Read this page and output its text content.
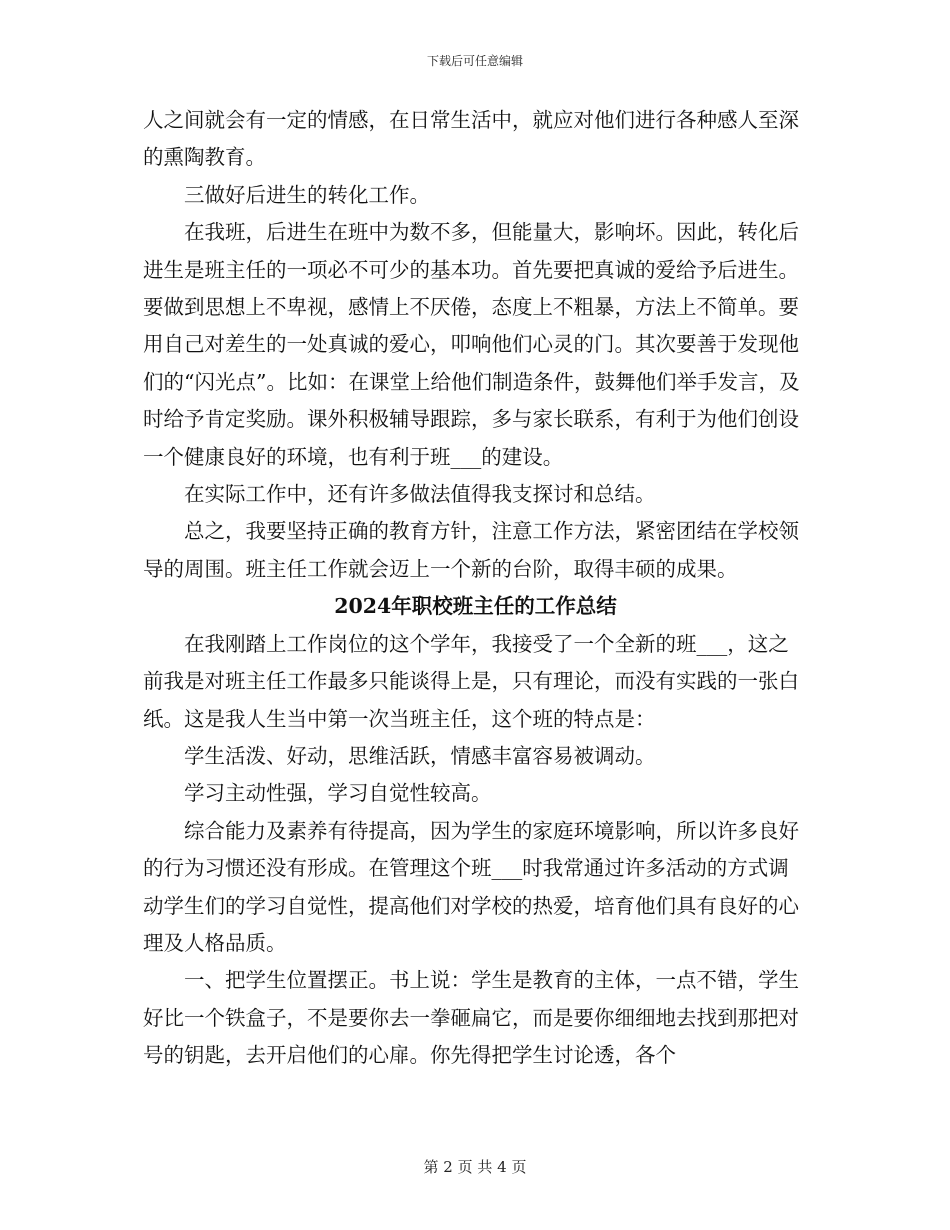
下载后可任意编辑

人之间就会有一定的情感，在日常生活中，就应对他们进行各种感人至深的熏陶教育。

三做好后进生的转化工作。

在我班，后进生在班中为数不多，但能量大，影响坏。因此，转化后进生是班主任的一项必不可少的基本功。首先要把真诚的爱给予后进生。要做到思想上不卑视，感情上不厌倦，态度上不粗暴，方法上不简单。要用自己对差生的一处真诚的爱心，叩响他们心灵的门。其次要善于发现他们的“闪光点”。比如：在课堂上给他们制造条件，鼓舞他们举手发言，及时给予肯定奖励。课外积极辅导跟踪，多与家长联系，有利于为他们创设一个健康良好的环境，也有利于班___的建设。

在实际工作中，还有许多做法值得我支探讨和总结。

总之，我要坚持正确的教育方针，注意工作方法，紧密团结在学校领导的周围。班主任工作就会迈上一个新的台阶，取得丰硕的成果。

2024年职校班主任的工作总结

在我刚踏上工作岗位的这个学年，我接受了一个全新的班___，这之前我是对班主任工作最多只能谈得上是，只有理论，而没有实践的一张白纸。这是我人生当中第一次当班主任，这个班的特点是：

学生活泼、好动，思维活跃，情感丰富容易被调动。

学习主动性强，学习自觉性较高。

综合能力及素养有待提高，因为学生的家庭环境影响，所以许多良好的行为习惯还没有形成。在管理这个班___时我常通过许多活动的方式调动学生们的学习自觉性，提高他们对学校的热爱，培育他们具有良好的心理及人格品质。

一、把学生位置摆正。书上说：学生是教育的主体，一点不错，学生好比一个铁盒子，不是要你去一拳砸扁它，而是要你细细地去找到那把对号的钥匙，去开启他们的心扉。你先得把学生讨论透，各个

第 2 页 共 4 页
